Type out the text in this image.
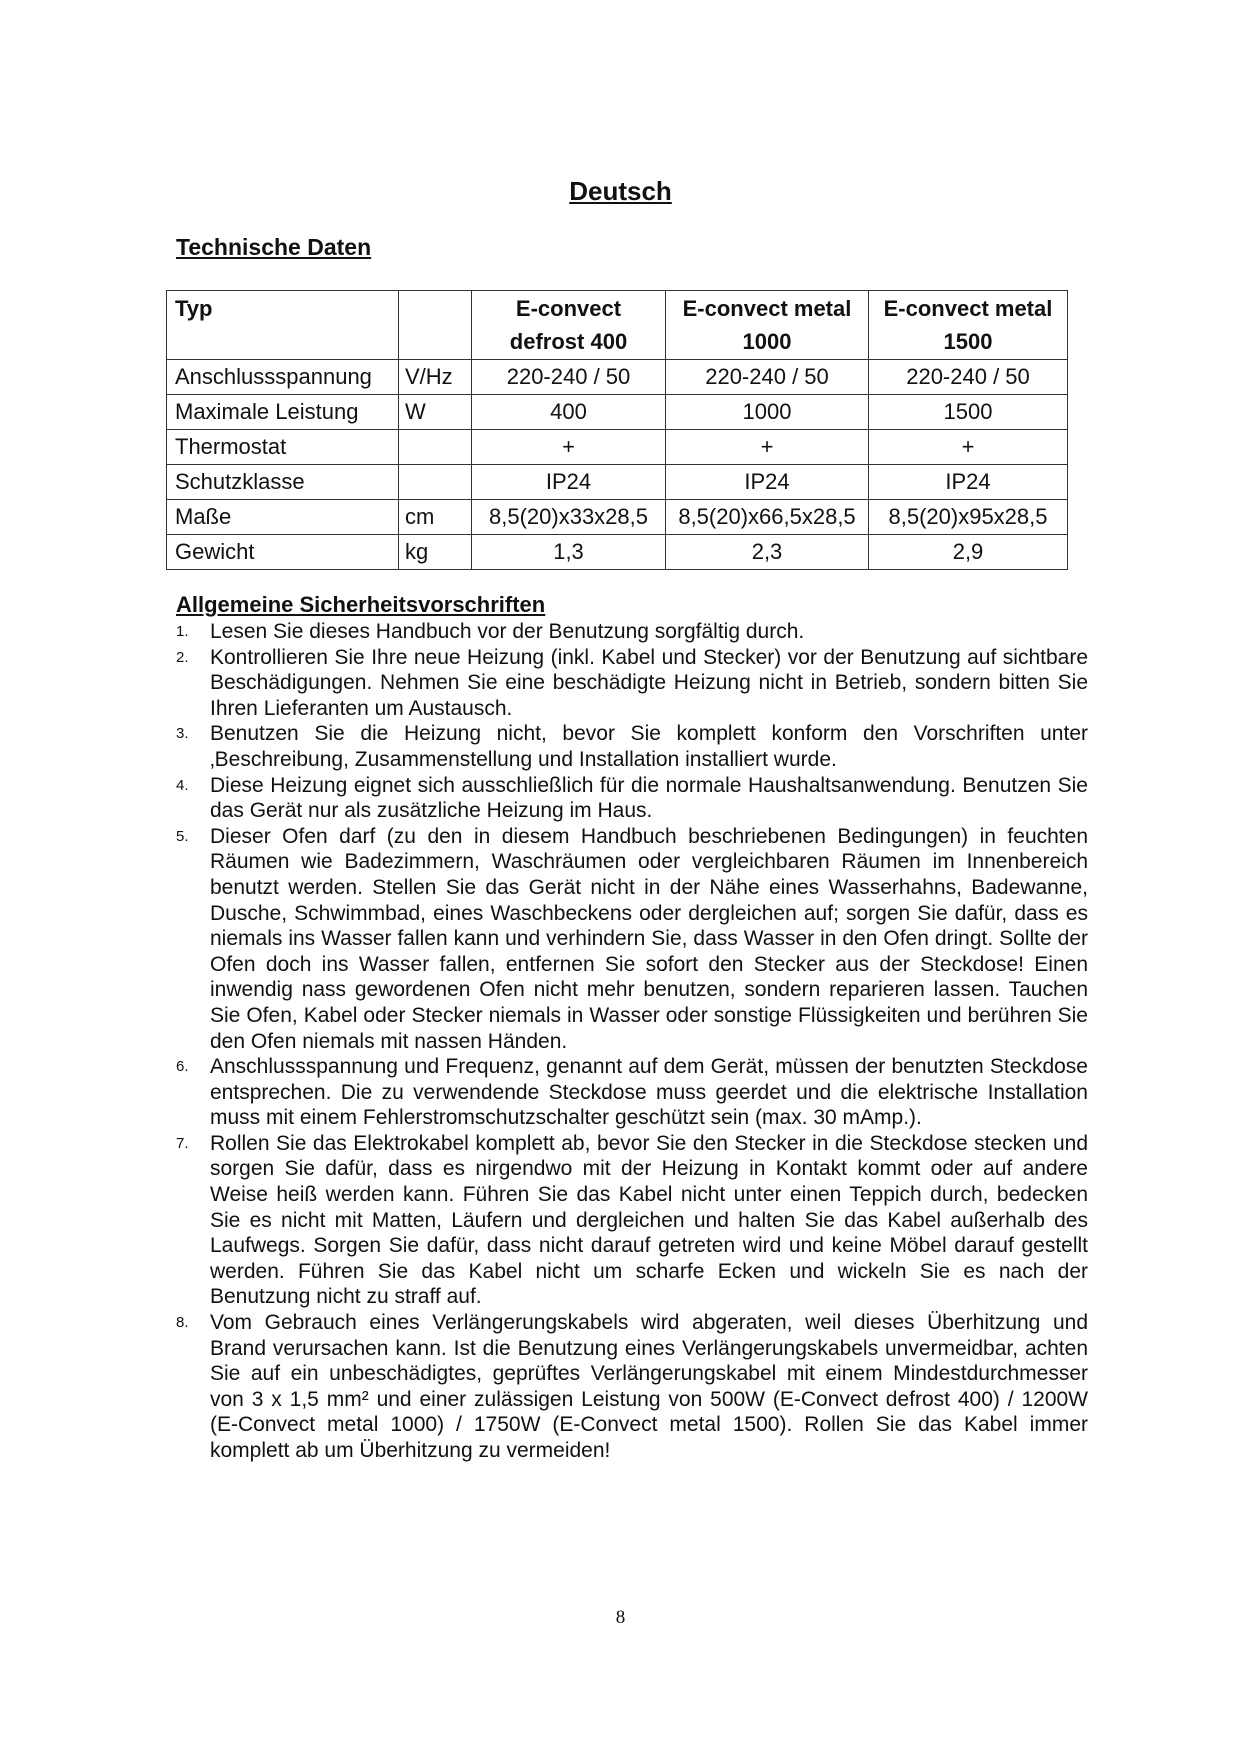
Deutsch
Technische Daten
Typ		E-convect defrost 400	E-convect metal 1000	E-convect metal 1500
Anschlussspannung	V/Hz	220-240 / 50	220-240 / 50	220-240 / 50
Maximale Leistung	W	400	1000	1500
Thermostat		+	+	+
Schutzklasse		IP24	IP24	IP24
Maße	cm	8,5(20)x33x28,5	8,5(20)x66,5x28,5	8,5(20)x95x28,5
Gewicht	kg	1,3	2,3	2,9
Allgemeine Sicherheitsvorschriften
1. Lesen Sie dieses Handbuch vor der Benutzung sorgfältig durch.
2. Kontrollieren Sie Ihre neue Heizung (inkl. Kabel und Stecker) vor der Benutzung auf sichtbare Beschädigungen. Nehmen Sie eine beschädigte Heizung nicht in Betrieb, sondern bitten Sie Ihren Lieferanten um Austausch.
3. Benutzen Sie die Heizung nicht, bevor Sie komplett konform den Vorschriften unter ‚Beschreibung, Zusammenstellung und Installation installiert wurde.
4. Diese Heizung eignet sich ausschließlich für die normale Haushaltsanwendung. Benutzen Sie das Gerät nur als zusätzliche Heizung im Haus.
5. Dieser Ofen darf (zu den in diesem Handbuch beschriebenen Bedingungen) in feuchten Räumen wie Badezimmern, Waschräumen oder vergleichbaren Räumen im Innenbereich benutzt werden. Stellen Sie das Gerät nicht in der Nähe eines Wasserhahns, Badewanne, Dusche, Schwimmbad, eines Waschbeckens oder dergleichen auf; sorgen Sie dafür, dass es niemals ins Wasser fallen kann und verhindern Sie, dass Wasser in den Ofen dringt. Sollte der Ofen doch ins Wasser fallen, entfernen Sie sofort den Stecker aus der Steckdose! Einen inwendig nass gewordenen Ofen nicht mehr benutzen, sondern reparieren lassen. Tauchen Sie Ofen, Kabel oder Stecker niemals in Wasser oder sonstige Flüssigkeiten und berühren Sie den Ofen niemals mit nassen Händen.
6. Anschlussspannung und Frequenz, genannt auf dem Gerät, müssen der benutzten Steckdose entsprechen. Die zu verwendende Steckdose muss geerdet und die elektrische Installation muss mit einem Fehlerstromschutzschalter geschützt sein (max. 30 mAmp.).
7. Rollen Sie das Elektrokabel komplett ab, bevor Sie den Stecker in die Steckdose stecken und sorgen Sie dafür, dass es nirgendwo mit der Heizung in Kontakt kommt oder auf andere Weise heiß werden kann. Führen Sie das Kabel nicht unter einen Teppich durch, bedecken Sie es nicht mit Matten, Läufern und dergleichen und halten Sie das Kabel außerhalb des Laufwegs. Sorgen Sie dafür, dass nicht darauf getreten wird und keine Möbel darauf gestellt werden. Führen Sie das Kabel nicht um scharfe Ecken und wickeln Sie es nach der Benutzung nicht zu straff auf.
8. Vom Gebrauch eines Verlängerungskabels wird abgeraten, weil dieses Überhitzung und Brand verursachen kann. Ist die Benutzung eines Verlängerungskabels unvermeidbar, achten Sie auf ein unbeschädigtes, geprüftes Verlängerungskabel mit einem Mindestdurchmesser von 3 x 1,5 mm² und einer zulässigen Leistung von 500W (E-Convect defrost 400) / 1200W (E-Convect metal 1000) / 1750W (E-Convect metal 1500). Rollen Sie das Kabel immer komplett ab um Überhitzung zu vermeiden!

8
